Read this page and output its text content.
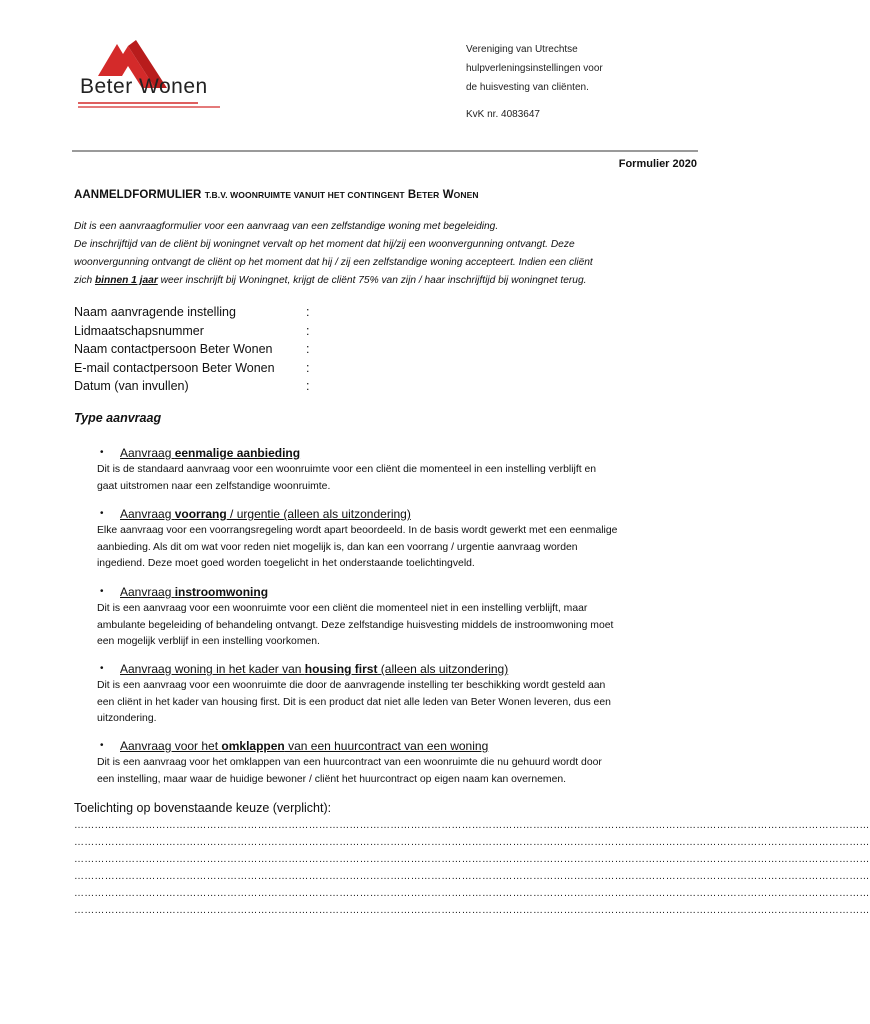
Beter Wonen
Vereniging van Utrechtse
hulpverleningsinstellingen voor
de huisvesting van cliënten.
KvK nr. 4083647
Formulier 2020
AANMELDFORMULIER T.B.V. WOONRUIMTE VANUIT HET CONTINGENT BETER WONEN
Dit is een aanvraagformulier voor een aanvraag van een zelfstandige woning met begeleiding.
De inschrijftijd van de cliënt bij woningnet vervalt op het moment dat hij/zij een woonvergunning ontvangt. Deze
woonvergunning ontvangt de cliënt op het moment dat hij / zij een zelfstandige woning accepteert. Indien een cliënt
zich binnen 1 jaar weer inschrijft bij Woningnet, krijgt de cliënt 75% van zijn / haar inschrijftijd bij woningnet terug.
Naam aanvragende instelling	:
Lidmaatschapsnummer	:
Naam contactpersoon Beter Wonen	:
E-mail contactpersoon Beter Wonen	:
Datum (van invullen)	:
Type aanvraag
• Aanvraag eenmalige aanbieding
Dit is de standaard aanvraag voor een woonruimte voor een cliënt die momenteel in een instelling verblijft en
gaat uitstromen naar een zelfstandige woonruimte.
• Aanvraag voorrang / urgentie (alleen als uitzondering)
Elke aanvraag voor een voorrangsregeling wordt apart beoordeeld. In de basis wordt gewerkt met een eenmalige
aanbieding. Als dit om wat voor reden niet mogelijk is, dan kan een voorrang / urgentie aanvraag worden
ingediend. Deze moet goed worden toegelicht in het onderstaande toelichtingveld.
• Aanvraag instroomwoning
Dit is een aanvraag voor een woonruimte voor een cliënt die momenteel niet in een instelling verblijft, maar
ambulante begeleiding of behandeling ontvangt. Deze zelfstandige huisvesting middels de instroomwoning moet
een mogelijk verblijf in een instelling voorkomen.
• Aanvraag woning in het kader van housing first (alleen als uitzondering)
Dit is een aanvraag voor een woonruimte die door de aanvragende instelling ter beschikking wordt gesteld aan
een cliënt in het kader van housing first. Dit is een product dat niet alle leden van Beter Wonen leveren, dus een
uitzondering.
• Aanvraag voor het omklappen van een huurcontract van een woning
Dit is een aanvraag voor het omklappen van een huurcontract van een woonruimte die nu gehuurd wordt door
een instelling, maar waar de huidige bewoner / cliënt het huurcontract op eigen naam kan overnemen.
Toelichting op bovenstaande keuze (verplicht):
………………………………………………………………………………………………………………………………………………………………………………………………………………
………………………………………………………………………………………………………………………………………………………………………………………………………………
………………………………………………………………………………………………………………………………………………………………………………………………………………
………………………………………………………………………………………………………………………………………………………………………………………………………………
………………………………………………………………………………………………………………………………………………………………………………………………………………
………………………………………………………………………………………………………………………………………………………………………………………………………………
